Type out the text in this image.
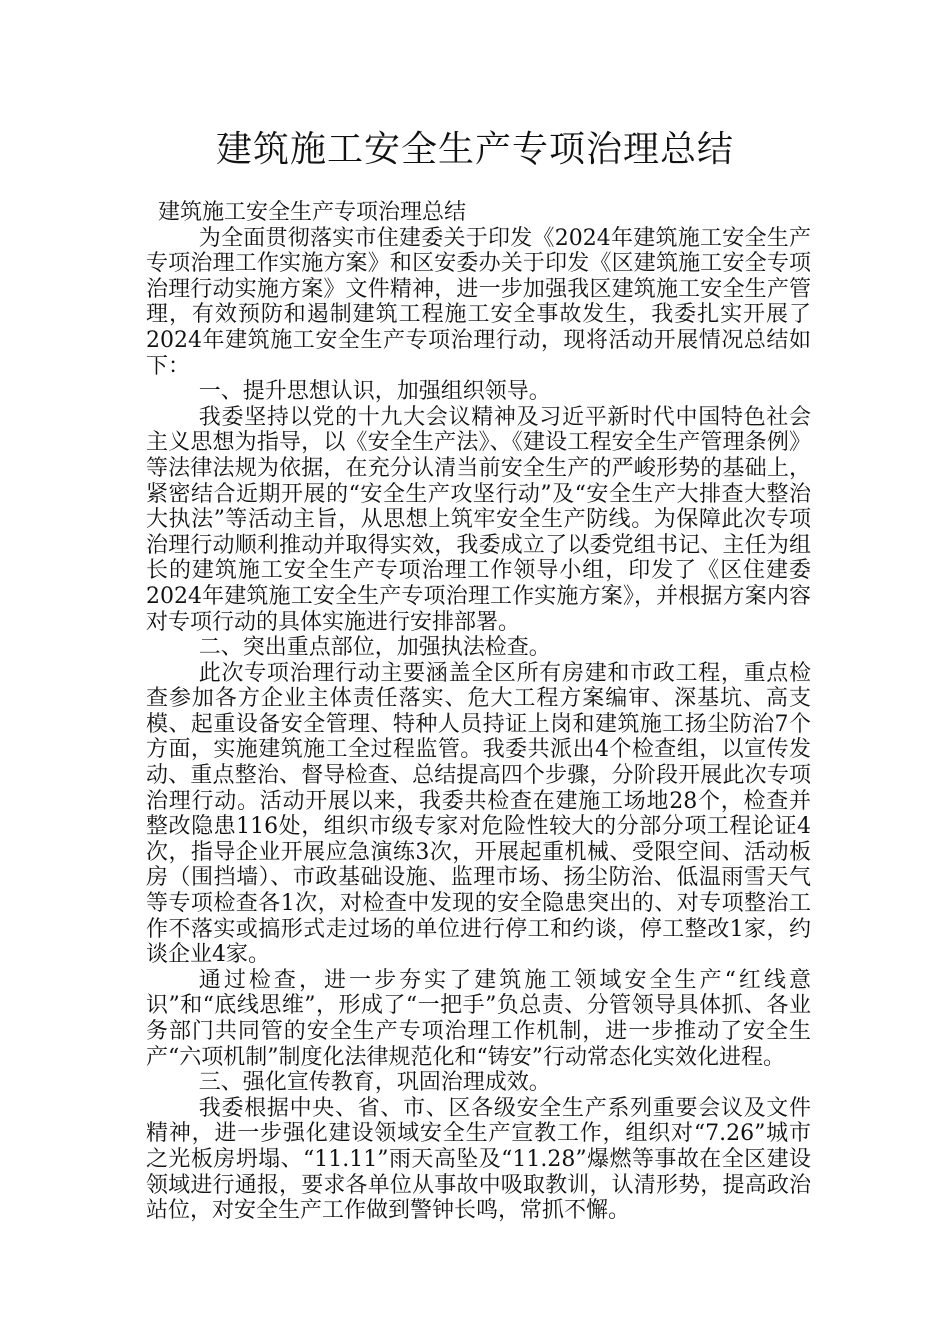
建筑施工安全生产专项治理总结

建筑施工安全生产专项治理总结

为全面贯彻落实市住建委关于印发《2024年建筑施工安全生产专项治理工作实施方案》和区安委办关于印发《区建筑施工安全专项治理行动实施方案》文件精神，进一步加强我区建筑施工安全生产管理，有效预防和遏制建筑工程施工安全事故发生，我委扎实开展了2024年建筑施工安全生产专项治理行动，现将活动开展情况总结如下：

一、提升思想认识，加强组织领导。

我委坚持以党的十九大会议精神及习近平新时代中国特色社会主义思想为指导，以《安全生产法》、《建设工程安全生产管理条例》等法律法规为依据，在充分认清当前安全生产的严峻形势的基础上，紧密结合近期开展的“安全生产攻坚行动”及“安全生产大排查大整治大执法”等活动主旨，从思想上筑牢安全生产防线。为保障此次专项治理行动顺利推动并取得实效，我委成立了以委党组书记、主任为组长的建筑施工安全生产专项治理工作领导小组，印发了《区住建委2024年建筑施工安全生产专项治理工作实施方案》，并根据方案内容对专项行动的具体实施进行安排部署。

二、突出重点部位，加强执法检查。

此次专项治理行动主要涵盖全区所有房建和市政工程，重点检查参加各方企业主体责任落实、危大工程方案编审、深基坑、高支模、起重设备安全管理、特种人员持证上岗和建筑施工扬尘防治7个方面，实施建筑施工全过程监管。我委共派出4个检查组，以宣传发动、重点整治、督导检查、总结提高四个步骤，分阶段开展此次专项治理行动。活动开展以来，我委共检查在建施工场地28个，检查并整改隐患116处，组织市级专家对危险性较大的分部分项工程论证4次，指导企业开展应急演练3次，开展起重机械、受限空间、活动板房（围挡墙）、市政基础设施、监理市场、扬尘防治、低温雨雪天气等专项检查各1次，对检查中发现的安全隐患突出的、对专项整治工作不落实或搞形式走过场的单位进行停工和约谈，停工整改1家，约谈企业4家。

通过检查，进一步夯实了建筑施工领域安全生产“红线意识”和“底线思维”，形成了“一把手”负总责、分管领导具体抓、各业务部门共同管的安全生产专项治理工作机制，进一步推动了安全生产“六项机制”制度化法律规范化和“铸安”行动常态化实效化进程。

三、强化宣传教育，巩固治理成效。

我委根据中央、省、市、区各级安全生产系列重要会议及文件精神，进一步强化建设领域安全生产宣教工作，组织对“7.26”城市之光板房坍塌、“11.11”雨天高坠及“11.28”爆燃等事故在全区建设领域进行通报，要求各单位从事故中吸取教训，认清形势，提高政治站位，对安全生产工作做到警钟长鸣，常抓不懈。
